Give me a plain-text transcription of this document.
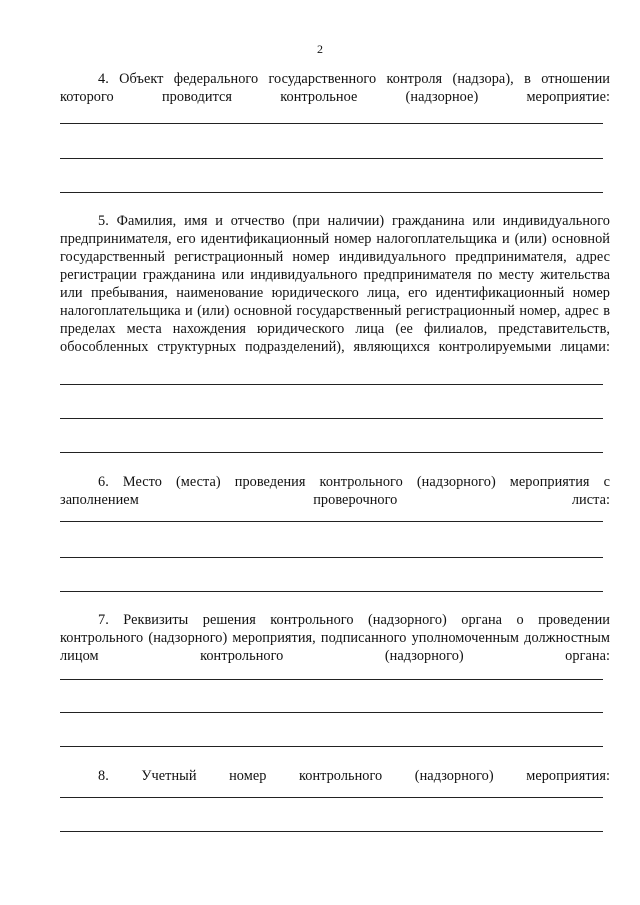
2

4. Объект федерального государственного контроля (надзора), в отношении которого проводится контрольное (надзорное) мероприятие:

5. Фамилия, имя и отчество (при наличии) гражданина или индивидуального предпринимателя, его идентификационный номер налогоплательщика и (или) основной государственный регистрационный номер индивидуального предпринимателя, адрес регистрации гражданина или индивидуального предпринимателя по месту жительства или пребывания, наименование юридического лица, его идентификационный номер налогоплательщика и (или) основной государственный регистрационный номер, адрес в пределах места нахождения юридического лица (ее филиалов, представительств, обособленных структурных подразделений), являющихся контролируемыми лицами:

6. Место (места) проведения контрольного (надзорного) мероприятия с заполнением проверочного листа:

7. Реквизиты решения контрольного (надзорного) органа о проведении контрольного (надзорного) мероприятия, подписанного уполномоченным должностным лицом контрольного (надзорного) органа:

8. Учетный номер контрольного (надзорного) мероприятия:
